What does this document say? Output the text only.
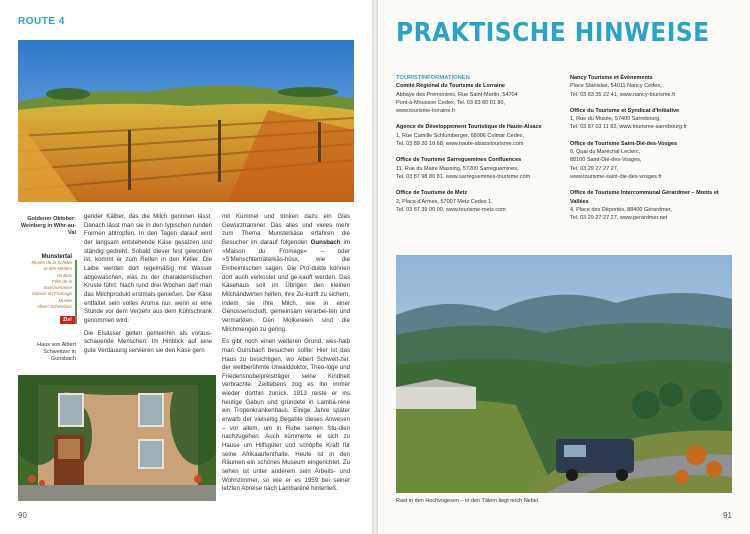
ROUTE 4
Goldener Oktober: Weinberg in Wihr-au-Val
Munstertal
Musée de la Schlitte
et des Métiers
du Bois
Fête de la
transhumance
Maison du Fromage
Musée
Albert Schweitzer
Ziel
Haus von Albert Schweitzer in Gunsbach

gender Kälber, das die Milch gerinnen lässt. Danach lässt man sie in den typischen runden Formen abtropfen. In den Tagen darauf wird der langsam entstehende Käse gesalzen und ständig gedreht. Sobald dieser fest geworden ist, kommt er zum Reifen in den Keller. Die Laibe werden dort regelmäßig mit Wasser abgewaschen, was zu der charakteristischen Kruste führt. Nach rund drei Wochen darf man das Milchprodukt erstmals genießen. Der Käse entfaltet sein volles Aroma nur, wenn er eine Stunde vor dem Verzehr aus dem Kühlschrank genommen wird.

Die Elsässer gelten gemeinhin als voraus-schauende Menschen: Im Hinblick auf eine gute Verdauung servieren sie den Käse gern

mit Kümmel und trinken dazu ein Glas Gewürztraminer. Das alles und vieles mehr zum Thema Munsterkäse erfahren die Besucher im darauf folgenden Gunsbach im »Maison du Fromage« – oder »S'Menschterträterkäs-hüsx, wie die Einheimischen sagen. Die Pro-dukte können dort auch verkostet und ge-kauft werden. Das Käsehaus soll im Übrigen den kleinen Milchändwirten helfen, ihre Zu-kunft zu sichern, indem sie ihre Milch, wie in einer Genossenschaft, gemeinsam verarbei-ten und vermarkten. Den Molkereien sind die Milchmengen zu gering.

Es gibt noch einen weiteren Grund, wes-halb man Gunsbach besuchen sollte: Hier ist das Haus zu besichtigen, wo Albert Schweit-zer, der weltberühmte Urwalddoktor, Theo-loge und Friedensnobelpreisträger seine Kindheit verbrachte. Zeitlebens zog es ihn immer wieder dorthin zurück. 1913 reiste er ins heutige Gabun und gründete in Lamba-réné ein Tropenkrankenhaus. Einige Jahre später erwarb der vielseitig Begabte dieses Anwesen – vor allem, um in Ruhe seinen Stu-dien nachzugehen. Auch kümmerte er sich zu Hause um Hilfsgüter und schöpfte Kraft für seine Afrikaaufenthalte. Heute ist in den Räumen ein schönes Museum eingerichtet. Zu sehen ist unter anderem sein Arbeits- und Wohnzimmer, so wie er es 1959 bei seiner letzten Abreise nach Lambaréné hinterließ.

90
PRAKTISCHE HINWEISE
TOURISTINFORMATIONEN
Comité Régional du Tourisme de Lorraine
Abbaye des Prémontrés, Rue Saint-Martin, 54704
Pont-à-Mousson Cedex, Tel. 03 83 80 01 80,
www.tourisme-lorraine.fr
Agence de Développement Touristique de Haute-Alsace
1, Rue Camille Schlumberger, 68006 Colmar Cedex,
Tel. 03 89 20 10 68, www.haute-alsacetourisme.com
Office de Tourisme Sarreguemines Confluences
11, Rue du Maire Massing, 57200 Sarreguemines,
Tel. 03 87 98 80 81, www.sarreguemines-tourisme.com
Office de Tourisme de Metz
2, Place d'Armes, 57007 Metz Cedex 1,
Tel. 03 87 39 00 00, www.tourisme-metz.com
Nancy Tourisme et Évènements
Place Stanislas, 54011 Nancy Cedex,
Tel. 03 83 35 22 41, www.nancy-tourisme.fr
Office du Tourisme et Syndicat d'Initiative
1, Rue du Musée, 57400 Sarrebourg,
Tel. 03 87 03 11 82, www.tourisme-sarrebourg.fr
Office de Tourisme Saint-Dié-des-Vosges
6, Quai du Maréchal Leclerc,
88100 Saint-Dié-des-Vosges,
Tel. 03 29 27 27 27,
www.tourisme-saint-die-des-vosges.fr
Office de Tourisme Intercommunal Gérardmer – Monts et Vallées
4, Place des Déportés, 88400 Gérardmer,
Tel. 03 29 27 27 27, www.gerardmer.net
Rast in den Hochvogesen – in den Tälern liegt noch Nebel.
91
